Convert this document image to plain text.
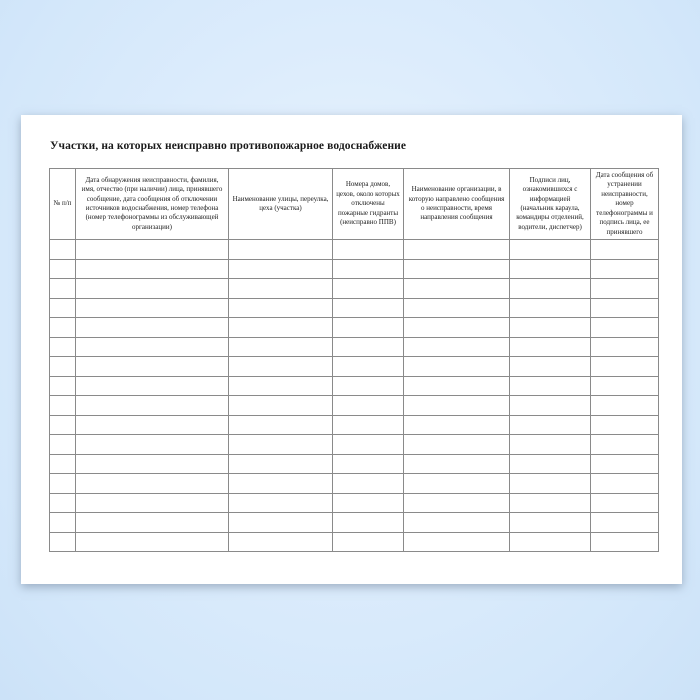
Участки, на которых неисправно противопожарное водоснабжение
№ п/п	Дата обнаружения неисправности, фамилия, имя, отчество (при наличии) лица, принявшего сообщение, дата сообщения об отключении источников водоснабжения, номер телефона (номер телефонограммы из обслуживающей организации)	Наименование улицы, переулка, цеха (участка)	Номера домов, цехов, около которых отключены пожарные гидранты (неисправно ППВ)	Наименование организации, в которую направлено сообщения о неисправности, время направления сообщения	Подписи лиц, ознакомившихся с информацией (начальник караула, командиры отделений, водители, диспетчер)	Дата сообщения об устранении неисправности, номер телефонограммы и подпись лица, ее принявшего
